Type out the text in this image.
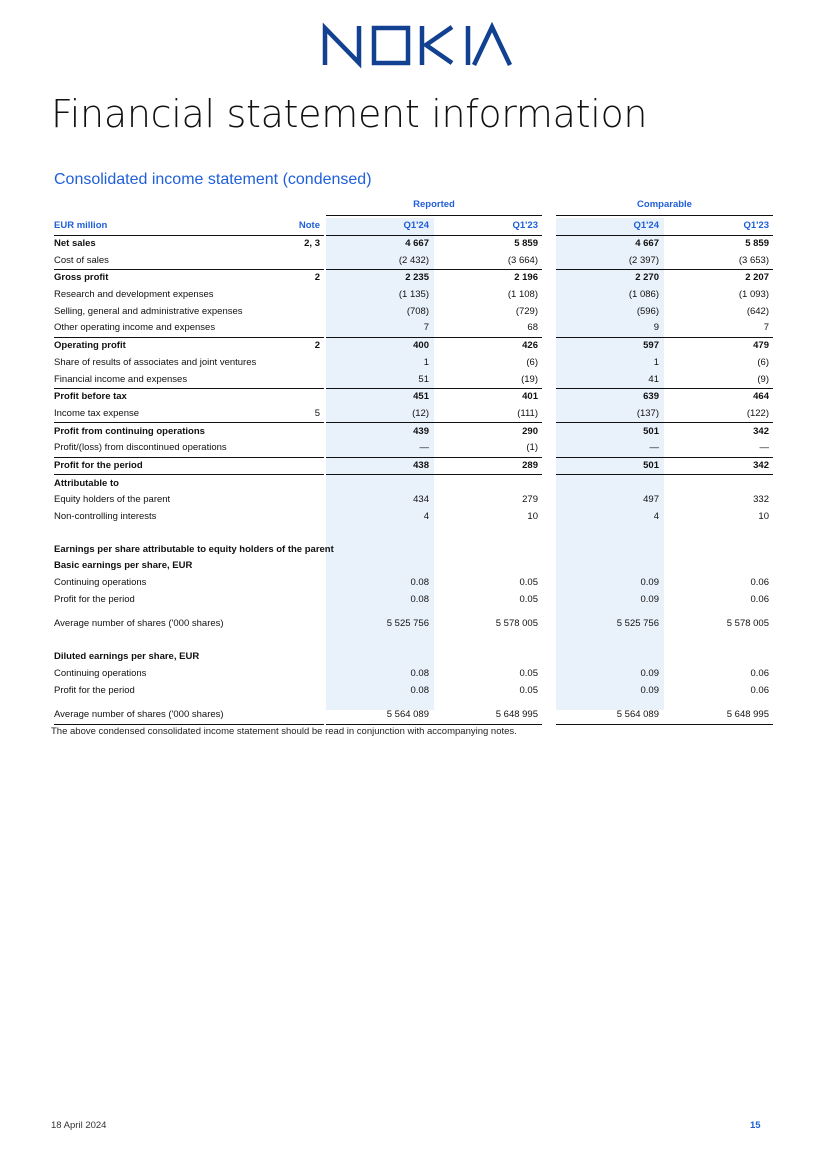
Financial statement information
Consolidated income statement (condensed)
Reported	Comparable
EUR million	Note		Q1'24	Q1'23		Q1'24	Q1'23
Net sales	2, 3		4 667	5 859		4 667	5 859
Cost of sales			(2 432)	(3 664)		(2 397)	(3 653)
Gross profit	2		2 235	2 196		2 270	2 207
Research and development expenses			(1 135)	(1 108)		(1 086)	(1 093)
Selling, general and administrative expenses			(708)	(729)		(596)	(642)
Other operating income and expenses			7	68		9	7
Operating profit	2		400	426		597	479
Share of results of associates and joint ventures			1	(6)		1	(6)
Financial income and expenses			51	(19)		41	(9)
Profit before tax			451	401		639	464
Income tax expense	5		(12)	(111)		(137)	(122)
Profit from continuing operations			439	290		501	342
Profit/(loss) from discontinued operations			—	(1)		—	—
Profit for the period			438	289		501	342
Attributable to							
Equity holders of the parent			434	279		497	332
Non-controlling interests			4	10		4	10

Earnings per share attributable to equity holders of the parent							
Basic earnings per share, EUR							
Continuing operations			0.08	0.05		0.09	0.06
Profit for the period			0.08	0.05		0.09	0.06

Average number of shares ('000 shares)			5 525 756	5 578 005		5 525 756	5 578 005

Diluted earnings per share, EUR							
Continuing operations			0.08	0.05		0.09	0.06
Profit for the period			0.08	0.05		0.09	0.06

Average number of shares ('000 shares)			5 564 089	5 648 995		5 564 089	5 648 995

The above condensed consolidated income statement should be read in conjunction with accompanying notes.

18 April 2024	15
